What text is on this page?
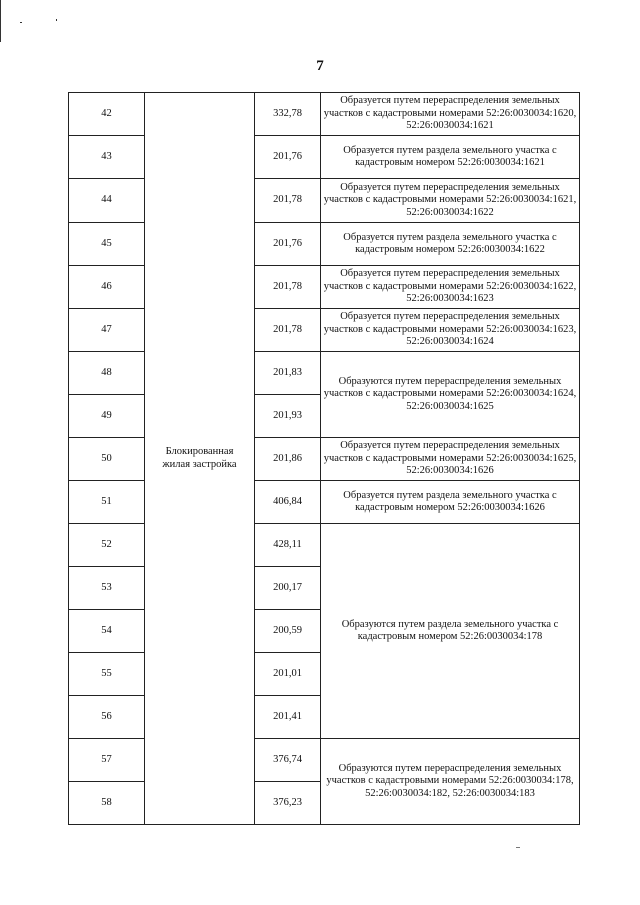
7
42	Блокированная жилая застройка	332,78	Образуется путем перераспределения земельных участков с кадастровыми номерами 52:26:0030034:1620, 52:26:0030034:1621
43		201,76	Образуется путем раздела земельного участка с кадастровым номером 52:26:0030034:1621
44		201,78	Образуется путем перераспределения земельных участков с кадастровыми номерами 52:26:0030034:1621, 52:26:0030034:1622
45		201,76	Образуется путем раздела земельного участка с кадастровым номером 52:26:0030034:1622
46		201,78	Образуется путем перераспределения земельных участков с кадастровыми номерами 52:26:0030034:1622, 52:26:0030034:1623
47		201,78	Образуется путем перераспределения земельных участков с кадастровыми номерами 52:26:0030034:1623, 52:26:0030034:1624
48		201,83	Образуются путем перераспределения земельных участков с кадастровыми номерами 52:26:0030034:1624, 52:26:0030034:1625
49		201,93	
50		201,86	Образуется путем перераспределения земельных участков с кадастровыми номерами 52:26:0030034:1625, 52:26:0030034:1626
51		406,84	Образуется путем раздела земельного участка с кадастровым номером 52:26:0030034:1626
52		428,11	Образуются путем раздела земельного участка с кадастровым номером 52:26:0030034:178
53		200,17	
54		200,59	
55		201,01	
56		201,41	
57		376,74	Образуются путем перераспределения земельных участков с кадастровыми номерами 52:26:0030034:178, 52:26:0030034:182, 52:26:0030034:183
58		376,23	
